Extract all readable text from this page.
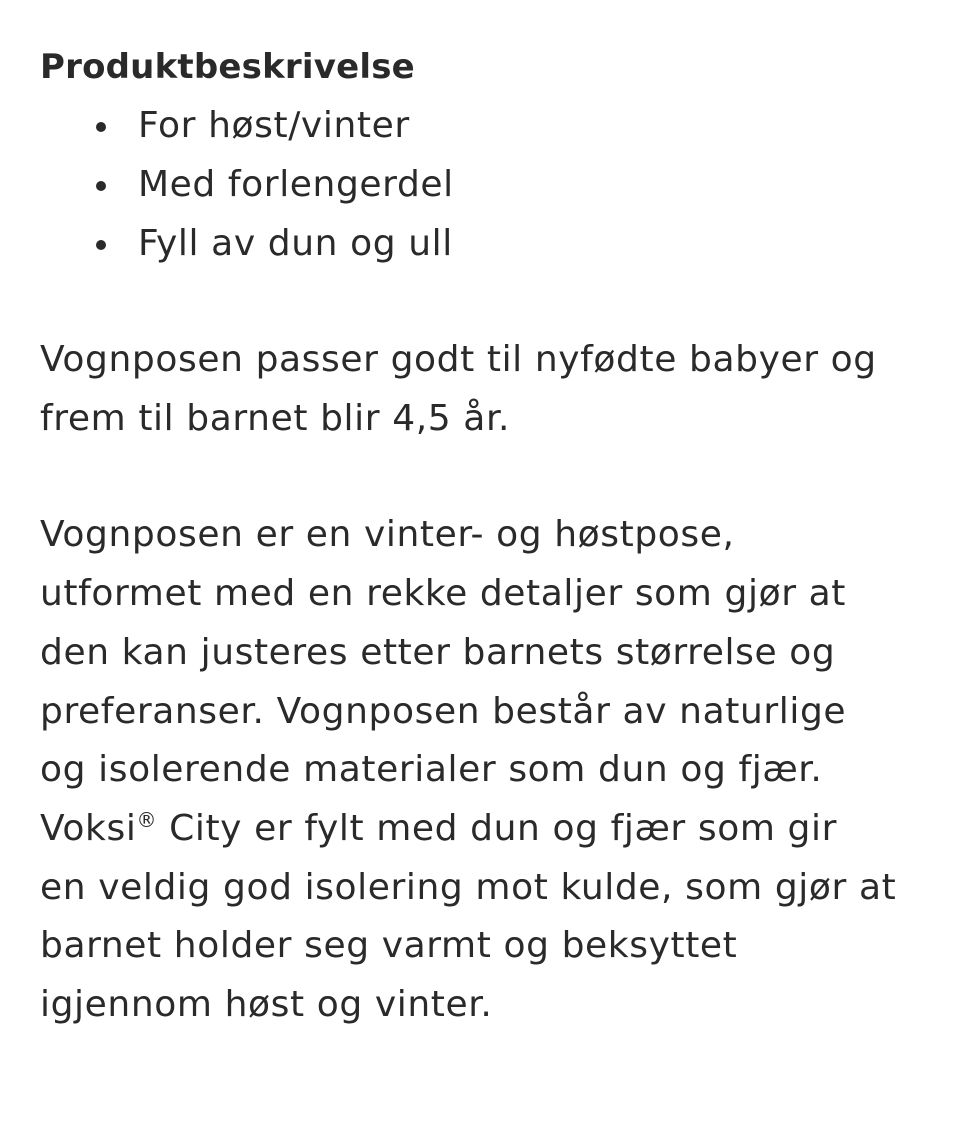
Produktbeskrivelse
For høst/vinter
Med forlengerdel
Fyll av dun og ull

Vognposen passer godt til nyfødte babyer og
frem til barnet blir 4,5 år.

Vognposen er en vinter- og høstpose,
utformet med en rekke detaljer som gjør at
den kan justeres etter barnets størrelse og
preferanser. Vognposen består av naturlige
og isolerende materialer som dun og fjær.
Voksi® City er fylt med dun og fjær som gir
en veldig god isolering mot kulde, som gjør at
barnet holder seg varmt og beksyttet
igjennom høst og vinter.
